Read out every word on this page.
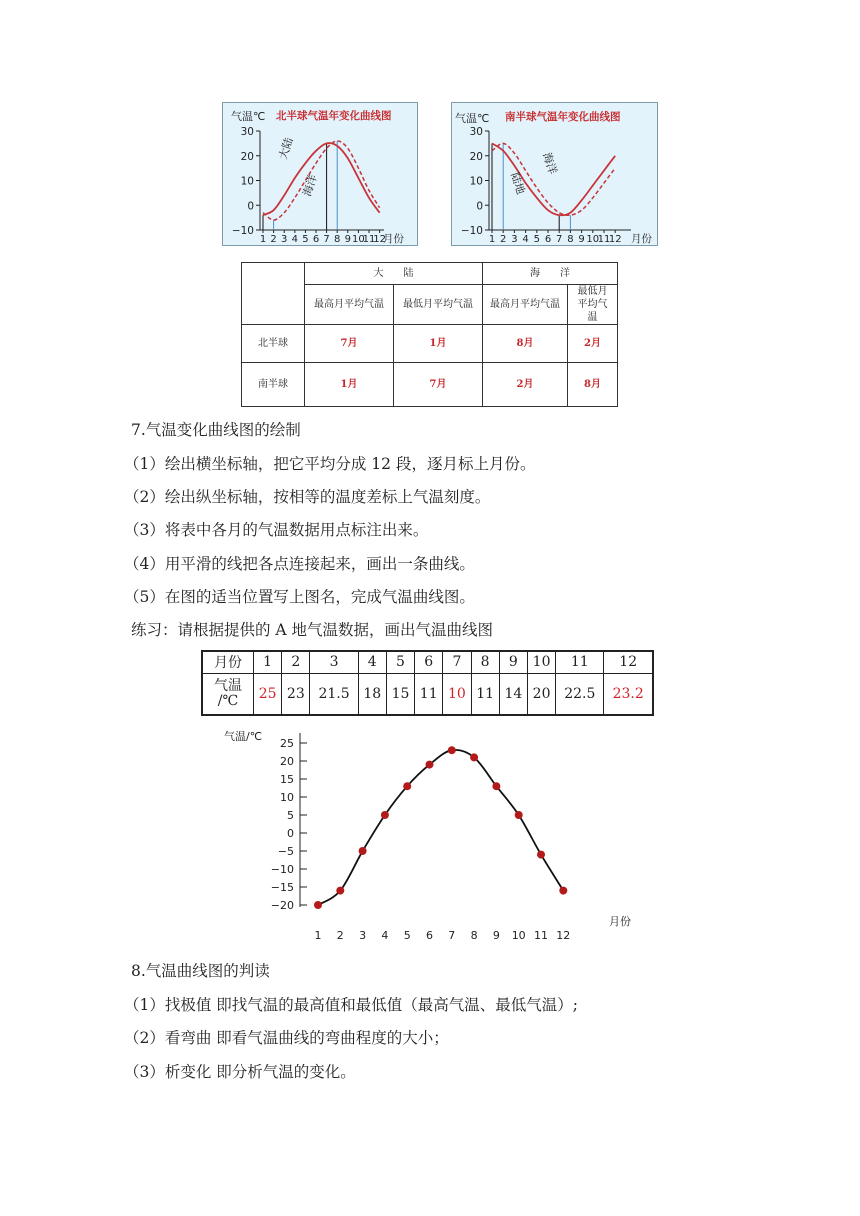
气温℃ 北半球气温年变化曲线图
30
20
10
0
−10
1 2 3 4 5 6 7 8 9 10
11
12
月份
大陆
海洋
气温℃ 南半球气温年变化曲线图
30
20
10
0
−10
1 2 3 4 5 6 7 8 9 10
11
12 月份
陆地
海洋
	大　　陆		海　　洋	
	最高月平均气温	最低月平均气温	最高月平均气温	最低月平均气温
北半球	7月	1月	8月	2月
南半球	1月	7月	2月	8月
7.气温变化曲线图的绘制
（1）绘出横坐标轴，把它平均分成 12 段，逐月标上月份。
（2）绘出纵坐标轴，按相等的温度差标上气温刻度。
（3）将表中各月的气温数据用点标注出来。
（4）用平滑的线把各点连接起来，画出一条曲线。
（5）在图的适当位置写上图名，完成气温曲线图。
练习：请根据提供的 A 地气温数据，画出气温曲线图
月份	1	2	3	4	5	6	7	8	9	10	11	12

气温
/℃	25	23	21.5	18	15	11	10	11	14	20	22.5	23.2
气温/℃
25
20
15
10
5
0
−5
−10
−15
−20
1 2 3 4 5 6 7 8 9 10 11 12
月份
8.气温曲线图的判读
（1）找极值 即找气温的最高值和最低值（最高气温、最低气温）;
（2）看弯曲 即看气温曲线的弯曲程度的大小；
（3）析变化 即分析气温的变化。
